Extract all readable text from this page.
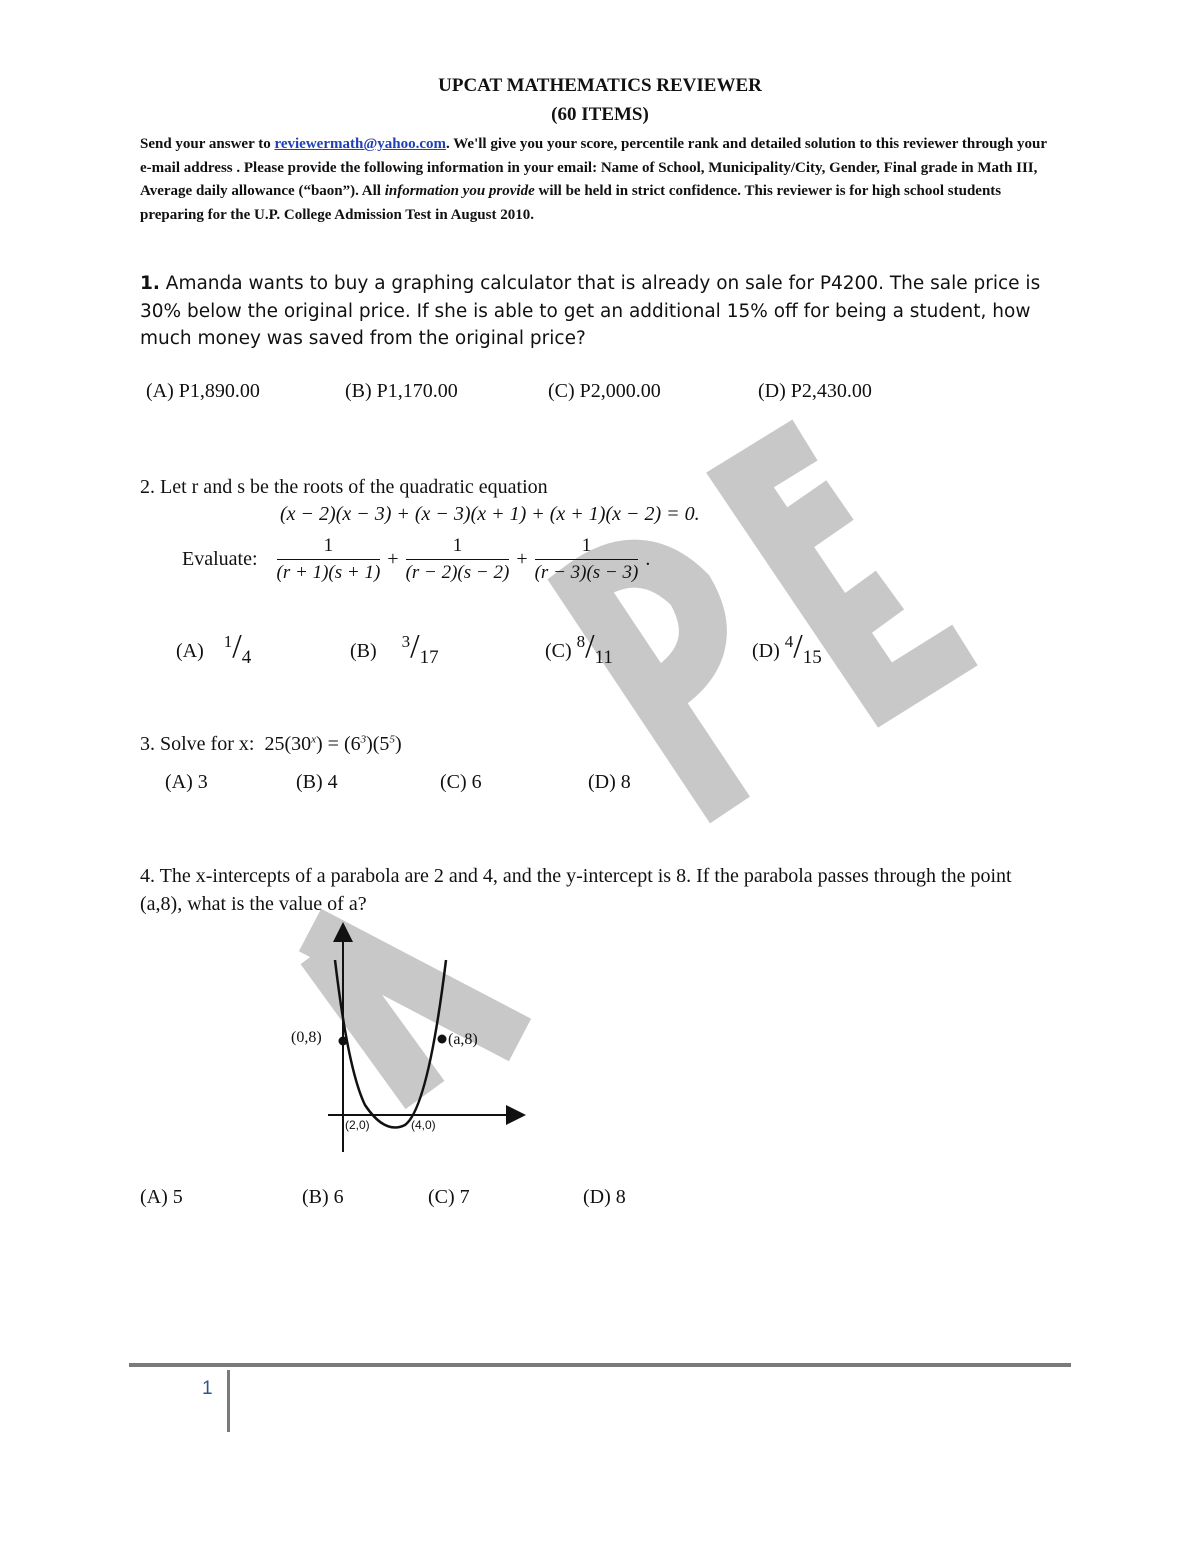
UPCAT MATHEMATICS REVIEWER
(60 ITEMS)
Send your answer to reviewermath@yahoo.com. We'll give you your score, percentile rank and detailed solution to this reviewer through your e-mail address . Please provide the following information in your email: Name of School, Municipality/City, Gender, Final grade in Math III, Average daily allowance (“baon”). All information you provide will be held in strict confidence. This reviewer is for high school students preparing for the U.P. College Admission Test in August 2010.
1. Amanda wants to buy a graphing calculator that is already on sale for P4200. The sale price is 30% below the original price. If she is able to get an additional 15% off for being a student, how much money was saved from the original price?
(A) P1,890.00	(B) P1,170.00	(C) P2,000.00	(D) P2,430.00
2. Let r and s be the roots of the quadratic equation
(x − 2)(x − 3) + (x − 3)(x + 1) + (x + 1)(x − 2) = 0.
Evaluate: $\frac{1}{(r + 1)(s + 1)} + \frac{1}{(r - 2)(s - 2)} + \frac{1}{(r - 3)(s - 3)}$ .
(A) $^1$/4	(B) $^3$/17	(C) $^8$/11	(D) $^4$/15
3. Solve for x: $25(30^x) = (6^3)(5^5)$
(A) 3	(B) 4	(C) 6	(D) 8
4. The x-intercepts of a parabola are 2 and 4, and the y-intercept is 8. If the parabola passes through the point (a,8), what is the value of a?
(0,8)	(a,8)
(2,0)	(4,0)
(A) 5	(B) 6	(C) 7	(D) 8
1
